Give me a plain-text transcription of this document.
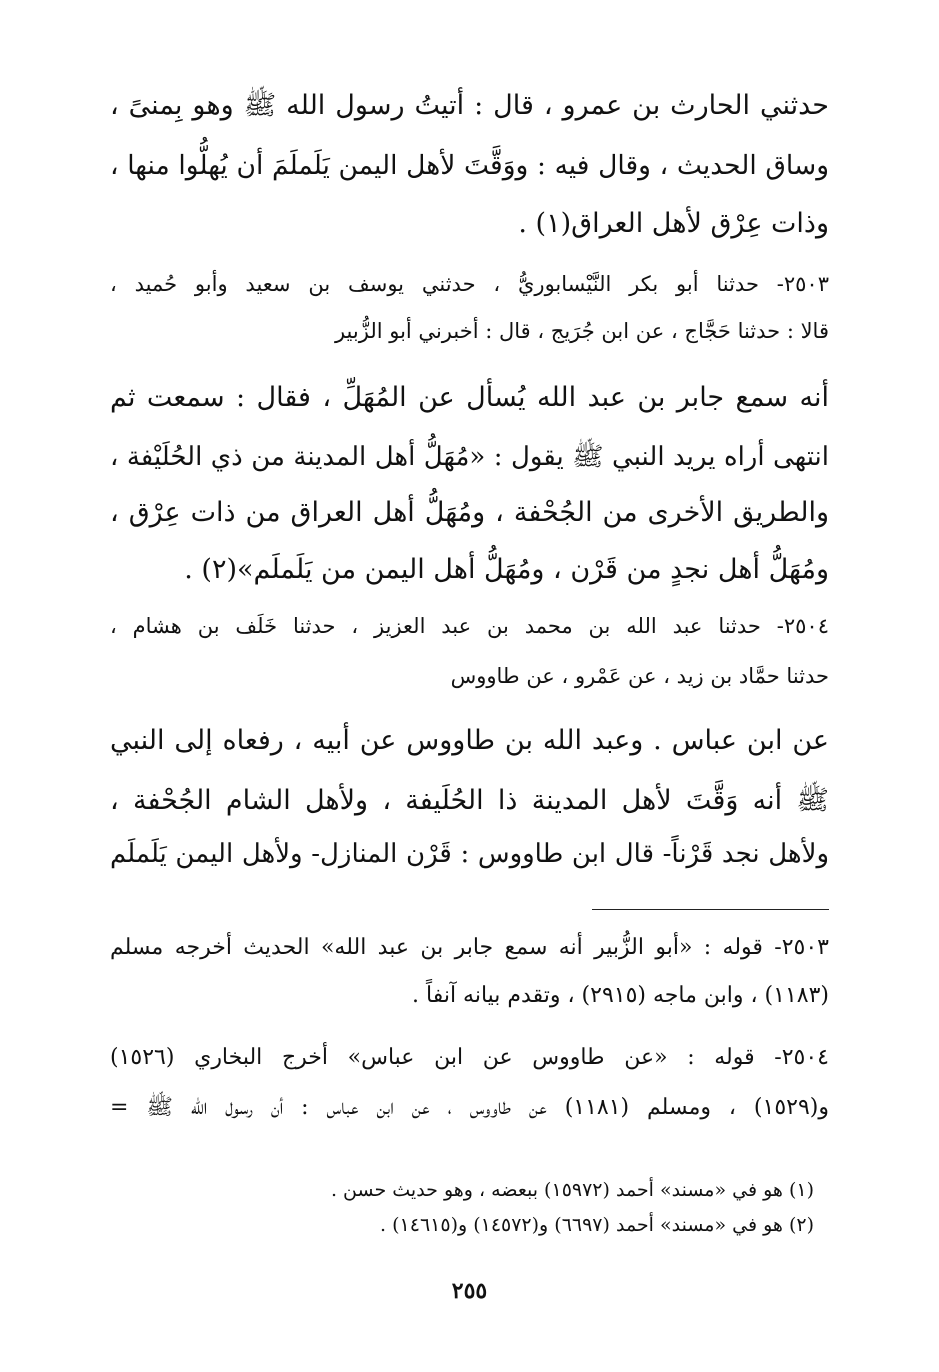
حدثني الحارث بن عمرو ، قال : أتيتُ رسول الله ﷺ وهو بِمنىً ،
وساق الحديث ، وقال فيه : ووَقَّتَ لأهل اليمن يَلَملَمَ أن يُهلُّوا منها ،
وذات عِرْق لأهل العراق(١) .
٢٥٠٣- حدثنا أبو بكر النَّيْسابوريُّ ، حدثني يوسف بن سعيد وأبو حُميد ،
قالا : حدثنا حَجَّاج ، عن ابن جُرَيج ، قال : أخبرني أبو الزُّبير
أنه سمع جابر بن عبد الله يُسأل عن المُهَلِّ ، فقال : سمعت ثم
انتهى أراه يريد النبي ﷺ يقول : «مُهَلُّ أهل المدينة من ذي الحُلَيْفة ،
والطريق الأخرى من الجُحْفة ، ومُهَلُّ أهل العراق من ذات عِرْق ،
ومُهَلُّ أهل نجدٍ من قَرْن ، ومُهَلُّ أهل اليمن من يَلَملَم»(٢) .
٢٥٠٤- حدثنا عبد الله بن محمد بن عبد العزيز ، حدثنا خَلَف بن هشام ،
حدثنا حمَّاد بن زيد ، عن عَمْرو ، عن طاووس
عن ابن عباس . وعبد الله بن طاووس عن أبيه ، رفعاه إلى النبي
ﷺ أنه وَقَّتَ لأهل المدينة ذا الحُلَيفة ، ولأهل الشام الجُحْفة ،
ولأهل نجد قَرْناً- قال ابن طاووس : قَرْن المنازل- ولأهل اليمن يَلَملَم
٢٥٠٣- قوله : «أبو الزُّبير أنه سمع جابر بن عبد الله» الحديث أخرجه مسلم
(١١٨٣) ، وابن ماجه (٢٩١٥) ، وتقدم بيانه آنفاً .
٢٥٠٤- قوله : «عن طاووس عن ابن عباس» أخرج البخاري (١٥٢٦)
و(١٥٢٩) ، ومسلم (١١٨١) عن طاووس ، عن ابن عباس : أن رسول الله ﷺ =
(١) هو في «مسند» أحمد (١٥٩٧٢) ببعضه ، وهو حديث حسن .
(٢) هو في «مسند» أحمد (٦٦٩٧) و(١٤٥٧٢) و(١٤٦١٥) .
٢٥٥
